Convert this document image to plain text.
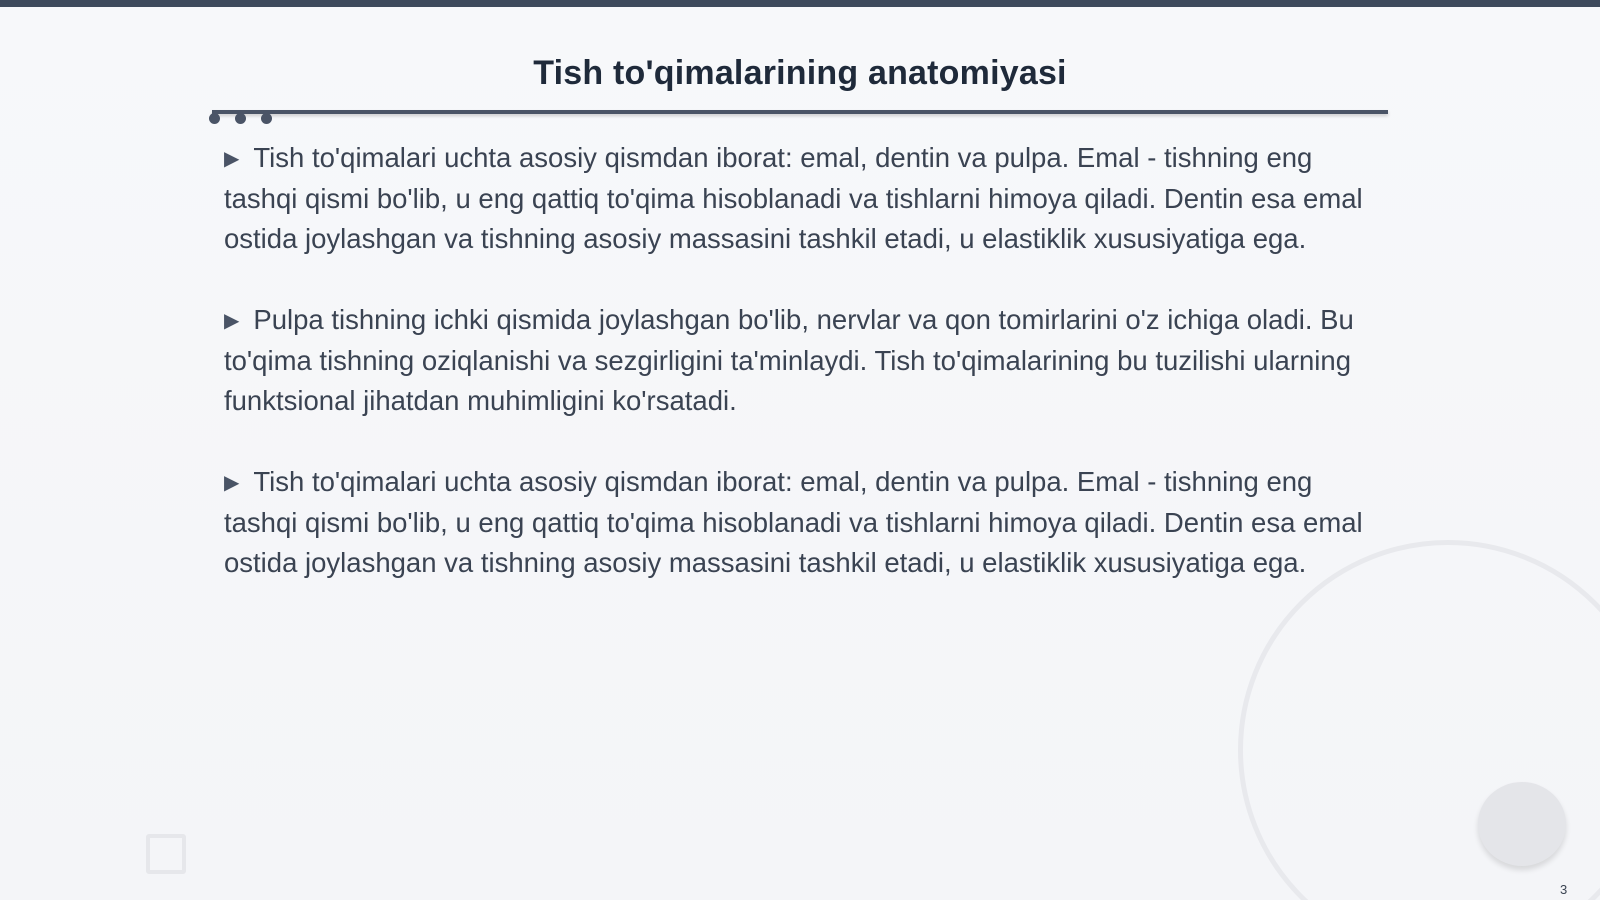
Tish to'qimalarining anatomiyasi

▶ Tish to'qimalari uchta asosiy qismdan iborat: emal, dentin va pulpa. Emal - tishning eng tashqi qismi bo'lib, u eng qattiq to'qima hisoblanadi va tishlarni himoya qiladi. Dentin esa emal ostida joylashgan va tishning asosiy massasini tashkil etadi, u elastiklik xususiyatiga ega.

▶ Pulpa tishning ichki qismida joylashgan bo'lib, nervlar va qon tomirlarini o'z ichiga oladi. Bu to'qima tishning oziqlanishi va sezgirligini ta'minlaydi. Tish to'qimalarining bu tuzilishi ularning funktsional jihatdan muhimligini ko'rsatadi.

▶ Tish to'qimalari uchta asosiy qismdan iborat: emal, dentin va pulpa. Emal - tishning eng tashqi qismi bo'lib, u eng qattiq to'qima hisoblanadi va tishlarni himoya qiladi. Dentin esa emal ostida joylashgan va tishning asosiy massasini tashkil etadi, u elastiklik xususiyatiga ega.

3
